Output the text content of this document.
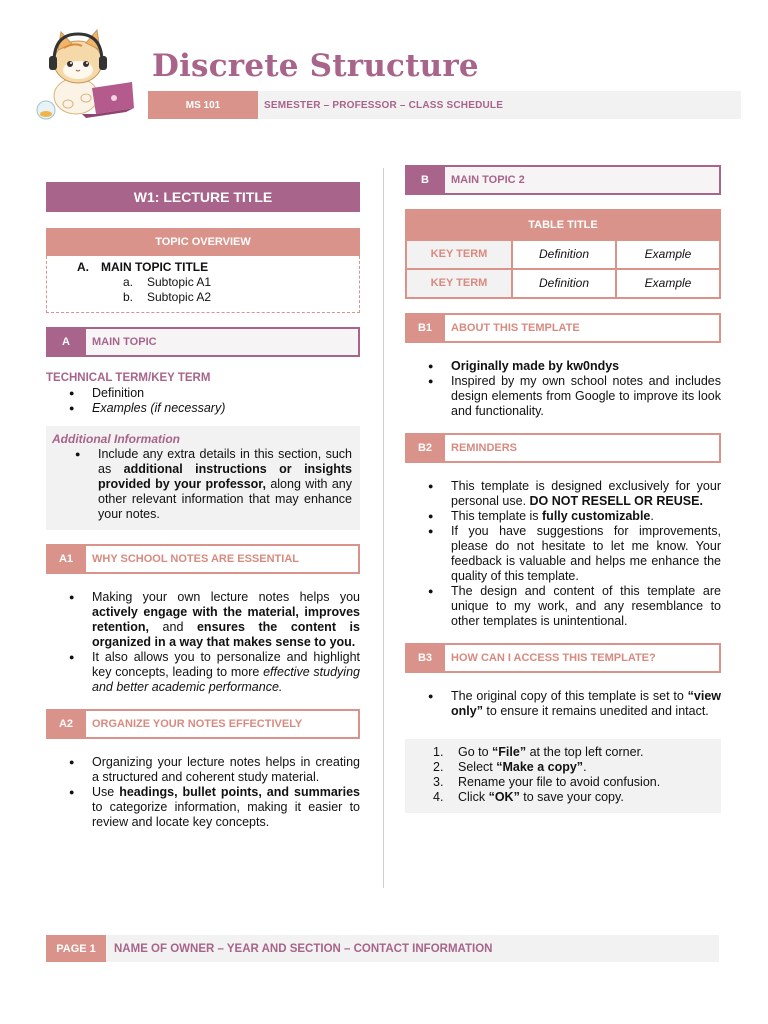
Discrete Structure
MS 101	SEMESTER – PROFESSOR – CLASS SCHEDULE
W1: LECTURE TITLE
TOPIC OVERVIEW
A.	MAIN TOPIC TITLE
a.	Subtopic A1
b.	Subtopic A2
A	MAIN TOPIC
TECHNICAL TERM/KEY TERM
● Definition
● Examples (if necessary)
Additional Information
● Include any extra details in this section, such as additional instructions or insights provided by your professor, along with any other relevant information that may enhance your notes.
A1	WHY SCHOOL NOTES ARE ESSENTIAL
● Making your own lecture notes helps you actively engage with the material, improves retention, and ensures the content is organized in a way that makes sense to you.
● It also allows you to personalize and highlight key concepts, leading to more effective studying and better academic performance.
A2	ORGANIZE YOUR NOTES EFFECTIVELY
● Organizing your lecture notes helps in creating a structured and coherent study material.
● Use headings, bullet points, and summaries to categorize information, making it easier to review and locate key concepts.
B	MAIN TOPIC 2
TABLE TITLE
KEY TERM	Definition	Example
KEY TERM	Definition	Example
B1	ABOUT THIS TEMPLATE
● Originally made by kw0ndys
● Inspired by my own school notes and includes design elements from Google to improve its look and functionality.
B2	REMINDERS
● This template is designed exclusively for your personal use. DO NOT RESELL OR REUSE.
● This template is fully customizable.
● If you have suggestions for improvements, please do not hesitate to let me know. Your feedback is valuable and helps me enhance the quality of this template.
● The design and content of this template are unique to my work, and any resemblance to other templates is unintentional.
B3	HOW CAN I ACCESS THIS TEMPLATE?
● The original copy of this template is set to “view only” to ensure it remains unedited and intact.
1.	Go to “File” at the top left corner.
2.	Select “Make a copy”.
3.	Rename your file to avoid confusion.
4.	Click “OK” to save your copy.
PAGE 1	NAME OF OWNER – YEAR AND SECTION – CONTACT INFORMATION
